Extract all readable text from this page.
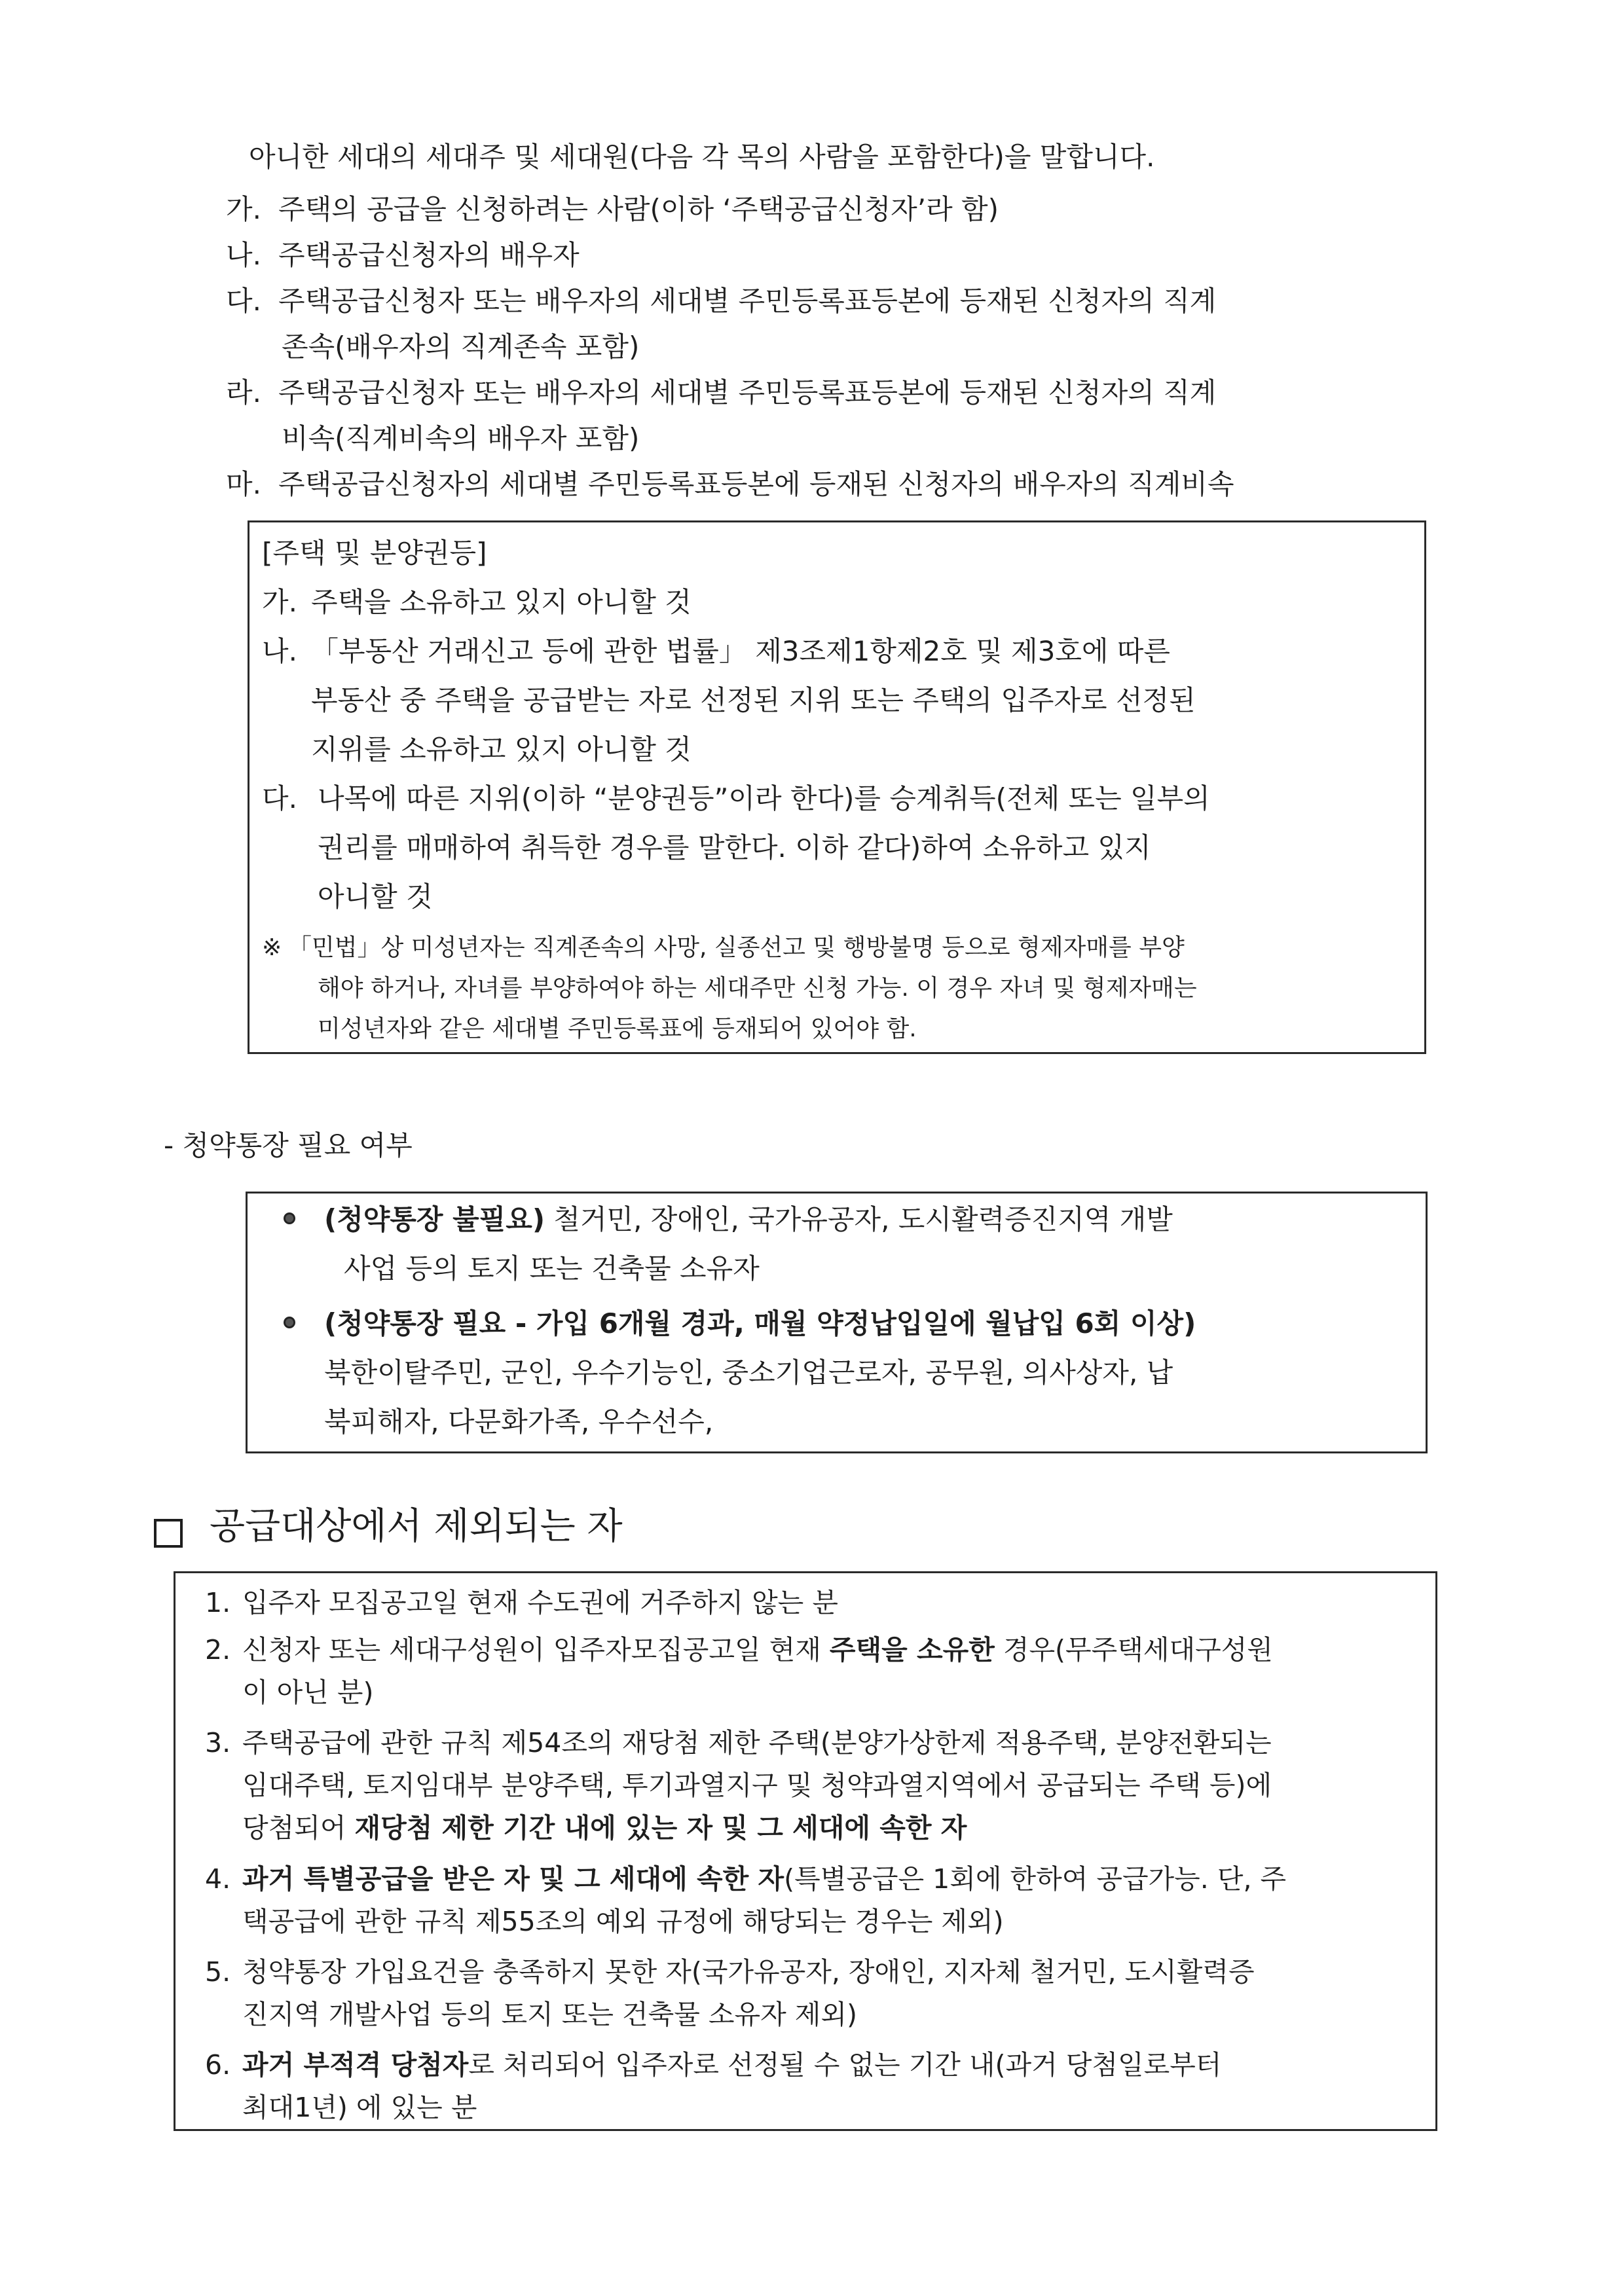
아니한 세대의 세대주 및 세대원(다음 각 목의 사람을 포함한다)을 말합니다.
가. 주택의 공급을 신청하려는 사람(이하 ‘주택공급신청자’라 함)
나. 주택공급신청자의 배우자
다. 주택공급신청자 또는 배우자의 세대별 주민등록표등본에 등재된 신청자의 직계
존속(배우자의 직계존속 포함)
라. 주택공급신청자 또는 배우자의 세대별 주민등록표등본에 등재된 신청자의 직계
비속(직계비속의 배우자 포함)
마. 주택공급신청자의 세대별 주민등록표등본에 등재된 신청자의 배우자의 직계비속
[주택 및 분양권등]
가. 주택을 소유하고 있지 아니할 것
나. 「부동산 거래신고 등에 관한 법률」 제3조제1항제2호 및 제3호에 따른
부동산 중 주택을 공급받는 자로 선정된 지위 또는 주택의 입주자로 선정된
지위를 소유하고 있지 아니할 것
다. 나목에 따른 지위(이하 “분양권등”이라 한다)를 승계취득(전체 또는 일부의
권리를 매매하여 취득한 경우를 말한다. 이하 같다)하여 소유하고 있지
아니할 것
※ 「민법」상 미성년자는 직계존속의 사망, 실종선고 및 행방불명 등으로 형제자매를 부양
해야 하거나, 자녀를 부양하여야 하는 세대주만 신청 가능. 이 경우 자녀 및 형제자매는
미성년자와 같은 세대별 주민등록표에 등재되어 있어야 함.
- 청약통장 필요 여부
(청약통장 불필요) 철거민, 장애인, 국가유공자, 도시활력증진지역 개발
사업 등의 토지 또는 건축물 소유자
(청약통장 필요 - 가입 6개월 경과, 매월 약정납입일에 월납입 6회 이상)
북한이탈주민, 군인, 우수기능인, 중소기업근로자, 공무원, 의사상자, 납
북피해자, 다문화가족, 우수선수,
공급대상에서 제외되는 자
1. 입주자 모집공고일 현재 수도권에 거주하지 않는 분
2. 신청자 또는 세대구성원이 입주자모집공고일 현재 주택을 소유한 경우(무주택세대구성원
이 아닌 분)
3. 주택공급에 관한 규칙 제54조의 재당첨 제한 주택(분양가상한제 적용주택, 분양전환되는
임대주택, 토지임대부 분양주택, 투기과열지구 및 청약과열지역에서 공급되는 주택 등)에
당첨되어 재당첨 제한 기간 내에 있는 자 및 그 세대에 속한 자
4. 과거 특별공급을 받은 자 및 그 세대에 속한 자(특별공급은 1회에 한하여 공급가능. 단, 주
택공급에 관한 규칙 제55조의 예외 규정에 해당되는 경우는 제외)
5. 청약통장 가입요건을 충족하지 못한 자(국가유공자, 장애인, 지자체 철거민, 도시활력증
진지역 개발사업 등의 토지 또는 건축물 소유자 제외)
6. 과거 부적격 당첨자로 처리되어 입주자로 선정될 수 없는 기간 내(과거 당첨일로부터
최대1년) 에 있는 분
